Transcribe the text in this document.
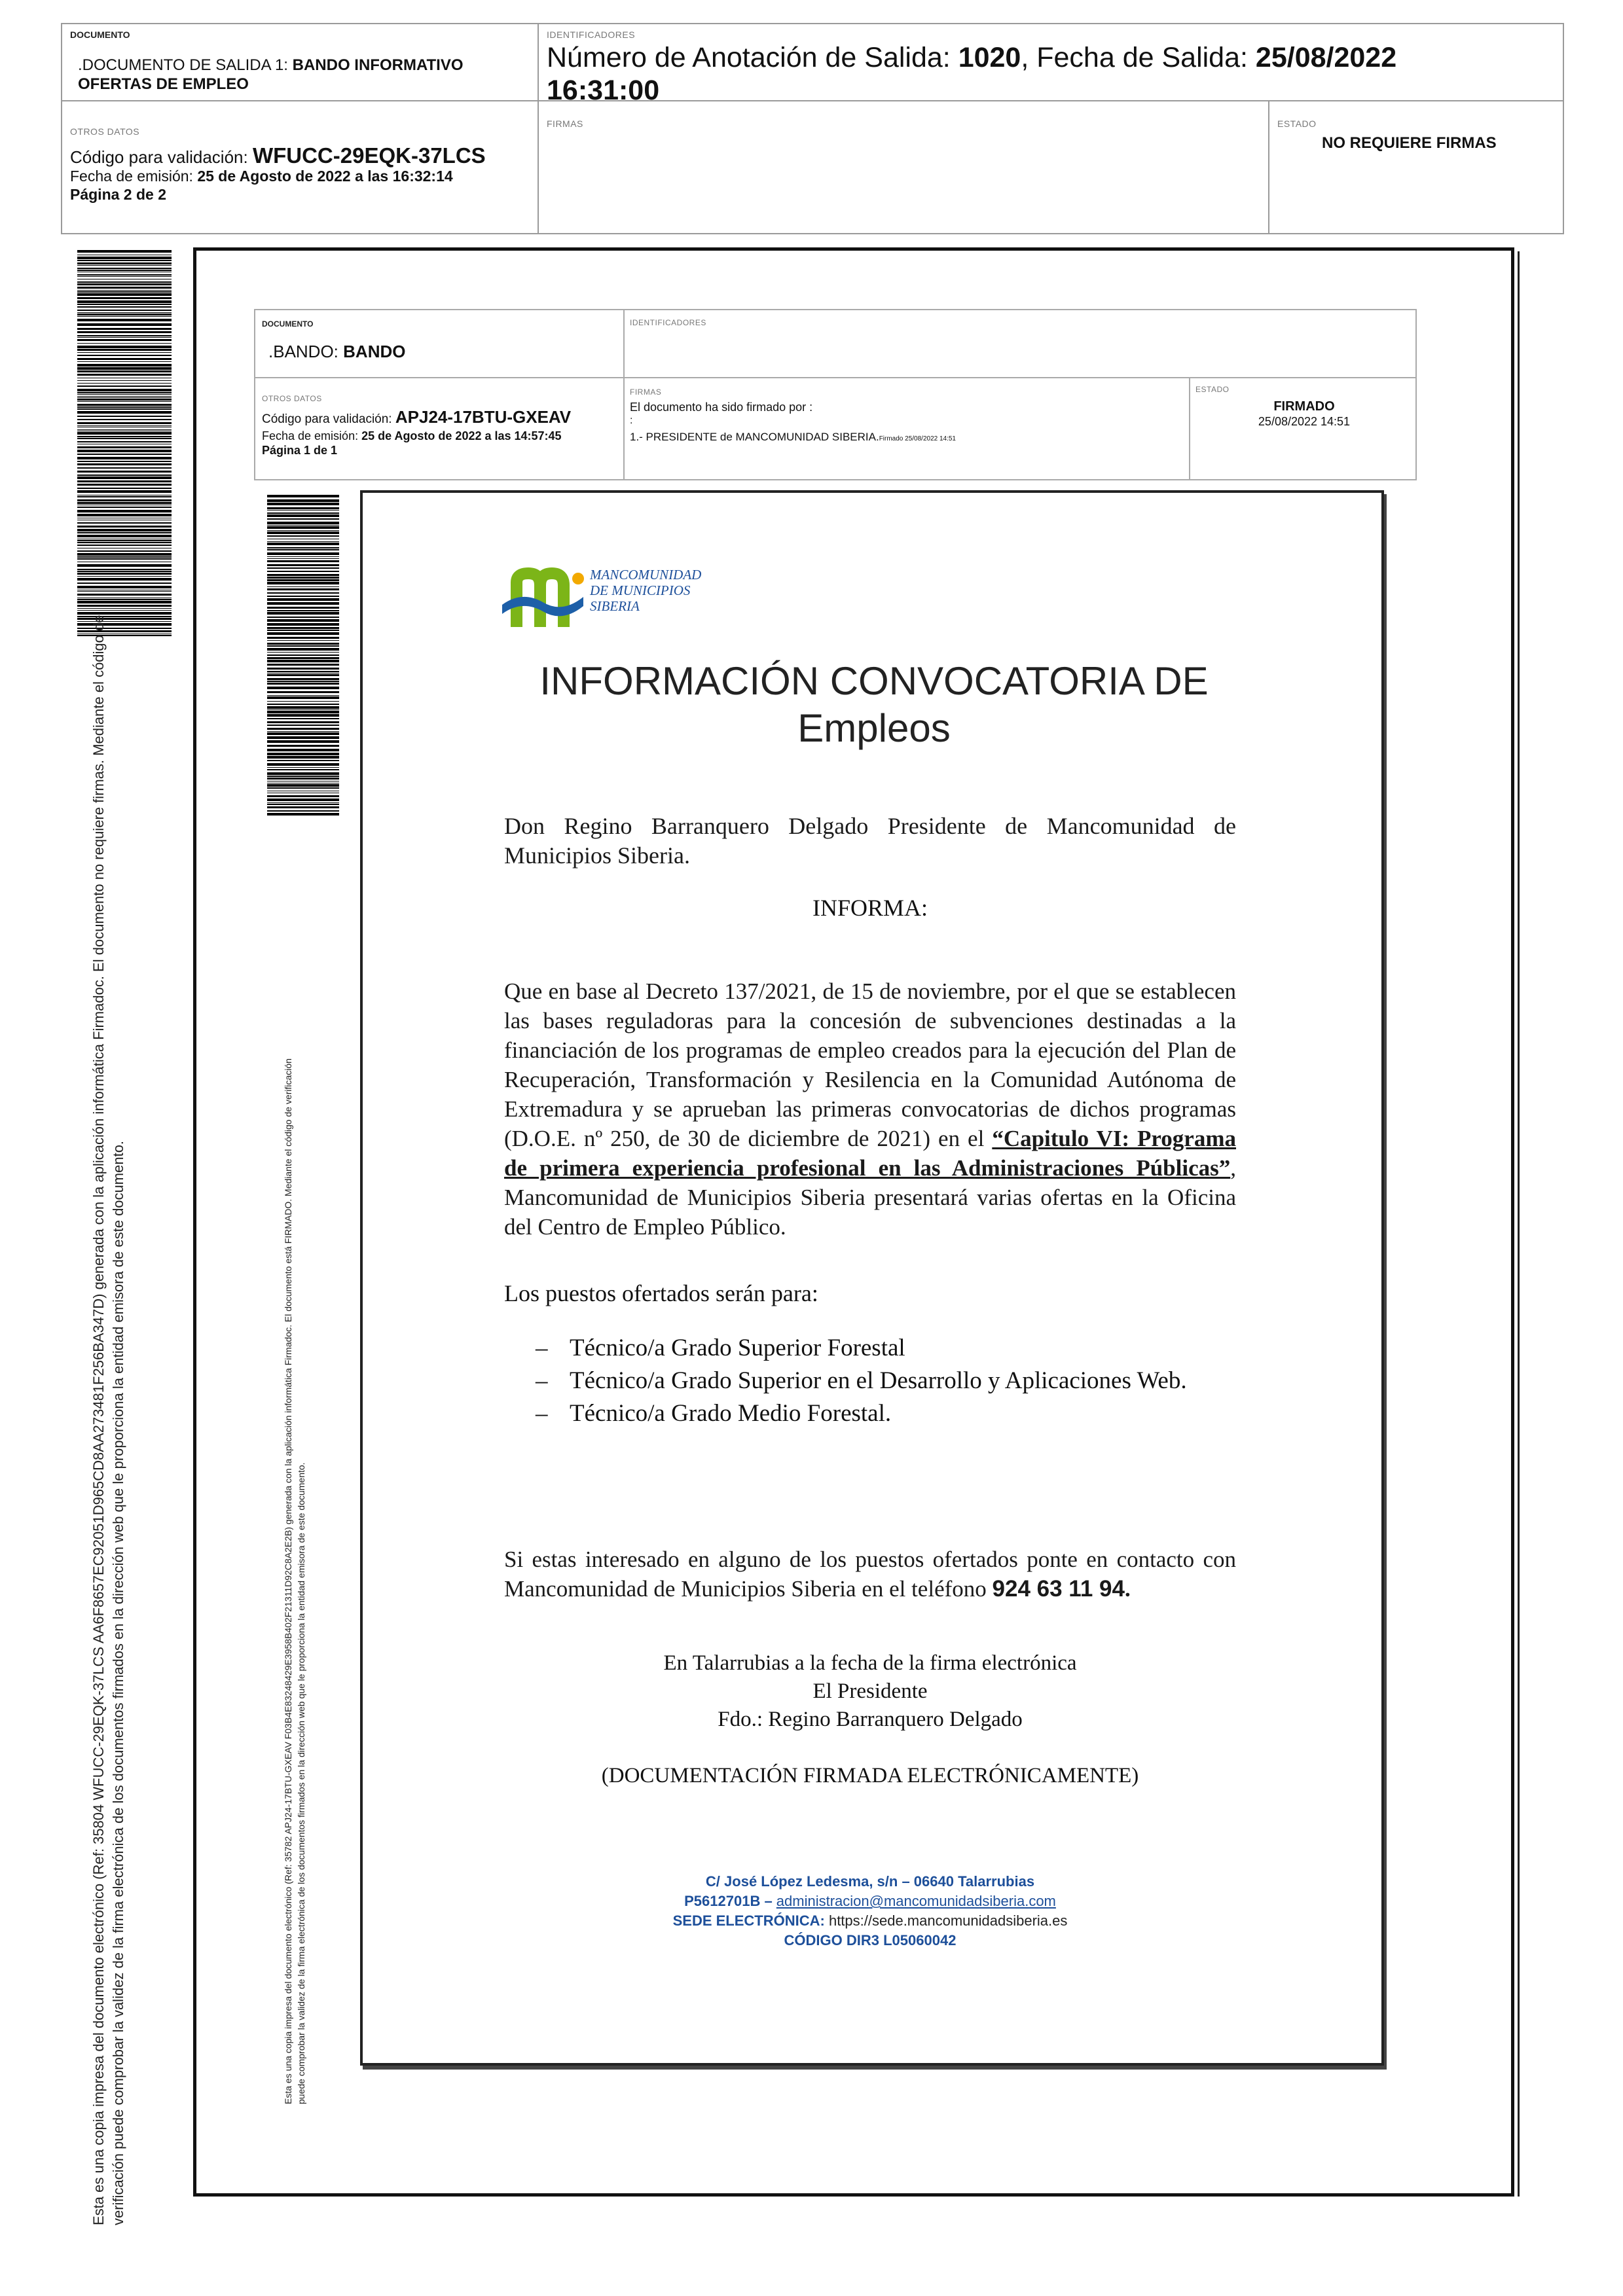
DOCUMENTO
.DOCUMENTO DE SALIDA 1: BANDO INFORMATIVO
OFERTAS DE EMPLEO
IDENTIFICADORES
Número de Anotación de Salida: 1020, Fecha de Salida: 25/08/2022
16:31:00
OTROS DATOS
Código para validación: WFUCC-29EQK-37LCS
Fecha de emisión: 25 de Agosto de 2022 a las 16:32:14
Página 2 de 2
FIRMAS	ESTADO
NO REQUIERE FIRMAS
Esta es una copia impresa del documento electrónico (Ref: 35804 WFUCC-29EQK-37LCS AA6F8657EC92051D965CD8AA273481F256BA347D) generada con la aplicación informática Firmadoc. El documento no requiere firmas. Mediante el código de verificación puede comprobar la validez de la firma electrónica de los documentos firmados en la dirección web que le proporciona la entidad emisora de este documento.
DOCUMENTO
.BANDO: BANDO
IDENTIFICADORES
OTROS DATOS
Código para validación: APJ24-17BTU-GXEAV
Fecha de emisión: 25 de Agosto de 2022 a las 14:57:45
Página 1 de 1
FIRMAS
El documento ha sido firmado por :
:
1.- PRESIDENTE de MANCOMUNIDAD SIBERIA.Firmado 25/08/2022 14:51
ESTADO
FIRMADO
25/08/2022 14:51
Esta es una copia impresa del documento electrónico (Ref: 35782 APJ24-17BTU-GXEAV F03B4E83248429E3958B402F21311D92C8A2E2B) generada con la aplicación informática Firmadoc. El documento está FIRMADO. Mediante el código de verificación puede comprobar la validez de la firma electrónica de los documentos firmados en la dirección web que le proporciona la entidad emisora de este documento.
MANCOMUNIDAD
DE MUNICIPIOS
SIBERIA
INFORMACIÓN CONVOCATORIA DE
Empleos
Don Regino Barranquero Delgado Presidente de Mancomunidad de Municipios Siberia.
INFORMA:
Que en base al Decreto 137/2021, de 15 de noviembre, por el que se establecen las bases reguladoras para la concesión de subvenciones destinadas a la financiación de los programas de empleo creados para la ejecución del Plan de Recuperación, Transformación y Resilencia en la Comunidad Autónoma de Extremadura y se aprueban las primeras convocatorias de dichos programas (D.O.E. nº 250, de 30 de diciembre de 2021) en el “Capitulo VI: Programa de primera experiencia profesional en las Administraciones Públicas”, Mancomunidad de Municipios Siberia presentará varias ofertas en la Oficina del Centro de Empleo Público.
Los puestos ofertados serán para:
– Técnico/a Grado Superior Forestal
– Técnico/a Grado Superior en el Desarrollo y Aplicaciones Web.
– Técnico/a Grado Medio Forestal.
Si estas interesado en alguno de los puestos ofertados ponte en contacto con Mancomunidad de Municipios Siberia en el teléfono 924 63 11 94.
En Talarrubias a la fecha de la firma electrónica
El Presidente
Fdo.: Regino Barranquero Delgado
(DOCUMENTACIÓN FIRMADA ELECTRÓNICAMENTE)
C/ José López Ledesma, s/n – 06640 Talarrubias
P5612701B – administracion@mancomunidadsiberia.com
SEDE ELECTRÓNICA: https://sede.mancomunidadsiberia.es
CÓDIGO DIR3 L05060042
